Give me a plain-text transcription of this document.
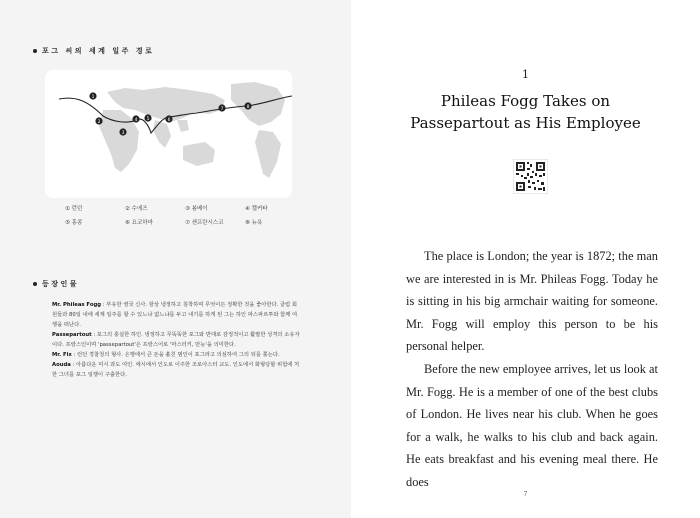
포그 씨의 세계 일주 경로
1
2
3
4 5	6
7	8
① 런던	② 수에즈	③ 봄베이	④ 캘커타
⑤ 홍콩	⑥ 요코하마	⑦ 샌프란시스코	⑧ 뉴욕
등장인물
Mr. Phileas Fogg : 부유한 영국 신사. 항상 냉정하고 침착하며 무엇이든 정확한 것을 좋아한다. 클럽 회원들과 80일 내에 세계 일주를 할 수 있느냐 없느냐를 두고 내기를 하게 된 그는 하인 파스파르투와 함께 여행을 떠난다.
Passepartout : 포그의 충실한 하인. 냉정하고 무뚝뚝한 포그와 반대로 감정적이고 활발한 성격의 소유자이다. 프랑스인이며 'passepartout'은 프랑스어로 '마스터키, 만능'을 의미한다.
Mr. Fix : 런던 경찰청의 형사. 은행에서 큰 돈을 훔친 범인이 포그라고 의심하여 그의 뒤를 쫓는다.
Aouda : 아름다운 미시 과도 여인. 에시에서 인도로 이주한 조로아스터 교도. 인도에서 화형당할 위험에 처한 그녀를 포그 일행이 구출한다.
1
Phileas Fogg Takes on
Passepartout as His Employee

The place is London; the year is 1872; the man we are interested in is Mr. Phileas Fogg. Today he is sitting in his big armchair waiting for someone. Mr. Fogg will employ this person to be his personal helper.

Before the new employee arrives, let us look at Mr. Fogg. He is a member of one of the best clubs of London. He lives near his club. When he goes for a walk, he walks to his club and back again. He eats breakfast and his evening meal there. He does

7
